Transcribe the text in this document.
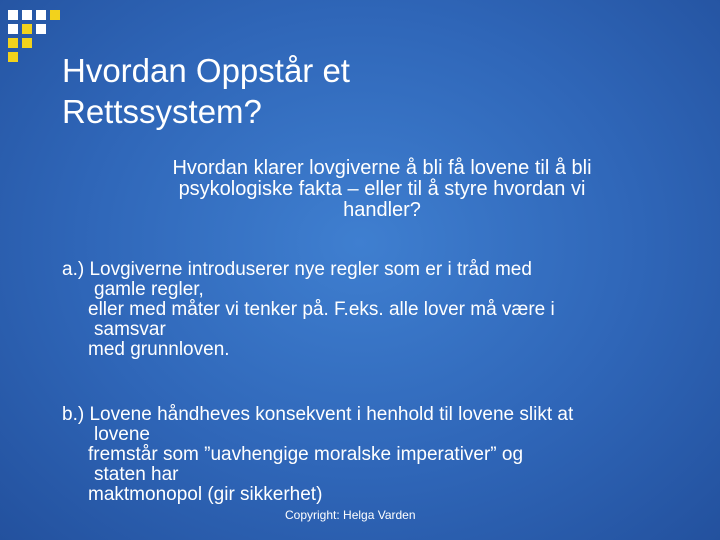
Hvordan Oppstår et
Rettssystem?

Hvordan klarer lovgiverne å bli få lovene til å bli
psykologiske fakta – eller til å styre hvordan vi
handler?

a.) Lovgiverne introduserer nye regler som er i tråd med
gamle regler,
eller med måter vi tenker på. F.eks. alle lover må være i
samsvar
med grunnloven.
b.) Lovene håndheves konsekvent i henhold til lovene slikt at
lovene
fremstår som ”uavhengige moralske imperativer” og
staten har
maktmonopol (gir sikkerhet)
Copyright: Helga Varden
